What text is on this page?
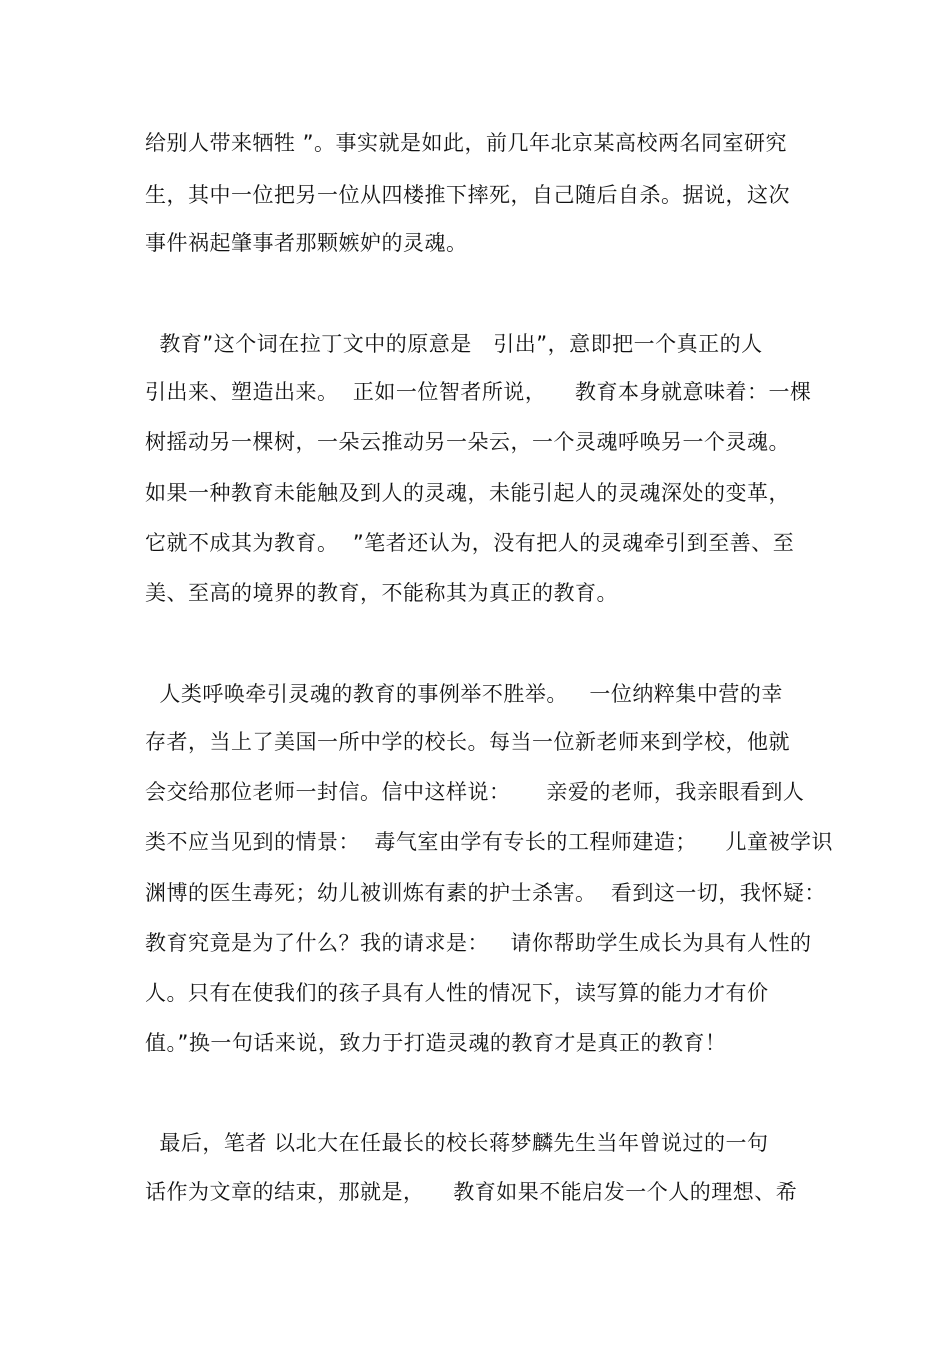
给别人带来牺牲 ”。事实就是如此，前几年北京某高校两名同室研究
生，其中一位把另一位从四楼推下摔死，自己随后自杀。据说，这次
事件祸起肇事者那颗嫉妒的灵魂。
教育”这个词在拉丁文中的原意是   引出”，意即把一个真正的人
引出来、塑造出来。  正如一位智者所说，    教育本身就意味着：一棵
树摇动另一棵树，一朵云推动另一朵云，一个灵魂呼唤另一个灵魂。
如果一种教育未能触及到人的灵魂，未能引起人的灵魂深处的变革，
它就不成其为教育。  ”笔者还认为，没有把人的灵魂牵引到至善、至
美、至高的境界的教育，不能称其为真正的教育。
人类呼唤牵引灵魂的教育的事例举不胜举。   一位纳粹集中营的幸
存者，当上了美国一所中学的校长。每当一位新老师来到学校，他就
会交给那位老师一封信。信中这样说：     亲爱的老师，我亲眼看到人
类不应当见到的情景：  毒气室由学有专长的工程师建造；    儿童被学识
渊博的医生毒死；幼儿被训炼有素的护士杀害。  看到这一切，我怀疑：
教育究竟是为了什么？我的请求是：   请你帮助学生成长为具有人性的
人。只有在使我们的孩子具有人性的情况下，读写算的能力才有价
值。”换一句话来说，致力于打造灵魂的教育才是真正的教育！
最后，笔者 以北大在任最长的校长蒋梦麟先生当年曾说过的一句
话作为文章的结束，那就是，    教育如果不能启发一个人的理想、希
